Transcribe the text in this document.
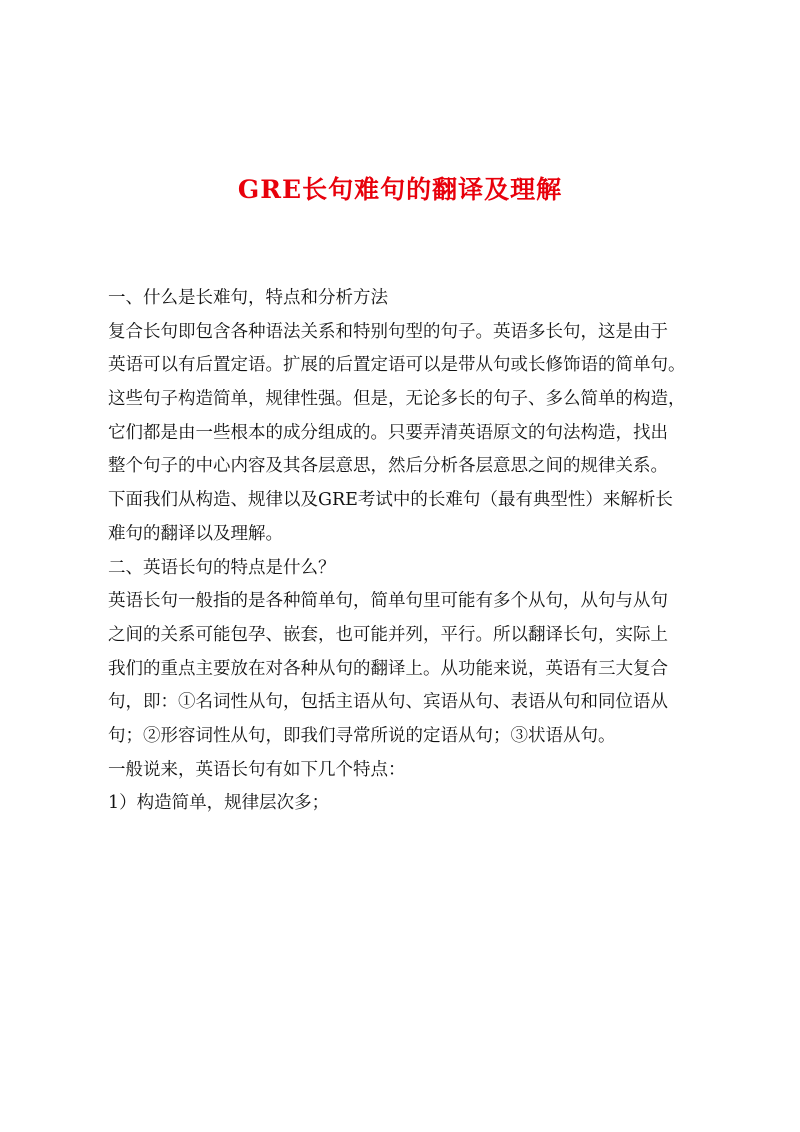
GRE长句难句的翻译及理解
一、什么是长难句，特点和分析方法
复合长句即包含各种语法关系和特别句型的句子。英语多长句，这是由于
英语可以有后置定语。扩展的后置定语可以是带从句或长修饰语的简单句。
这些句子构造简单，规律性强。但是，无论多长的句子、多么简单的构造，
它们都是由一些根本的成分组成的。只要弄清英语原文的句法构造，找出
整个句子的中心内容及其各层意思，然后分析各层意思之间的规律关系。
下面我们从构造、规律以及GRE考试中的长难句（最有典型性）来解析长
难句的翻译以及理解。
二、英语长句的特点是什么？
英语长句一般指的是各种简单句，简单句里可能有多个从句，从句与从句
之间的关系可能包孕、嵌套，也可能并列，平行。所以翻译长句，实际上
我们的重点主要放在对各种从句的翻译上。从功能来说，英语有三大复合
句，即：①名词性从句，包括主语从句、宾语从句、表语从句和同位语从
句；②形容词性从句，即我们寻常所说的定语从句；③状语从句。
一般说来，英语长句有如下几个特点：
1）构造简单，规律层次多；
